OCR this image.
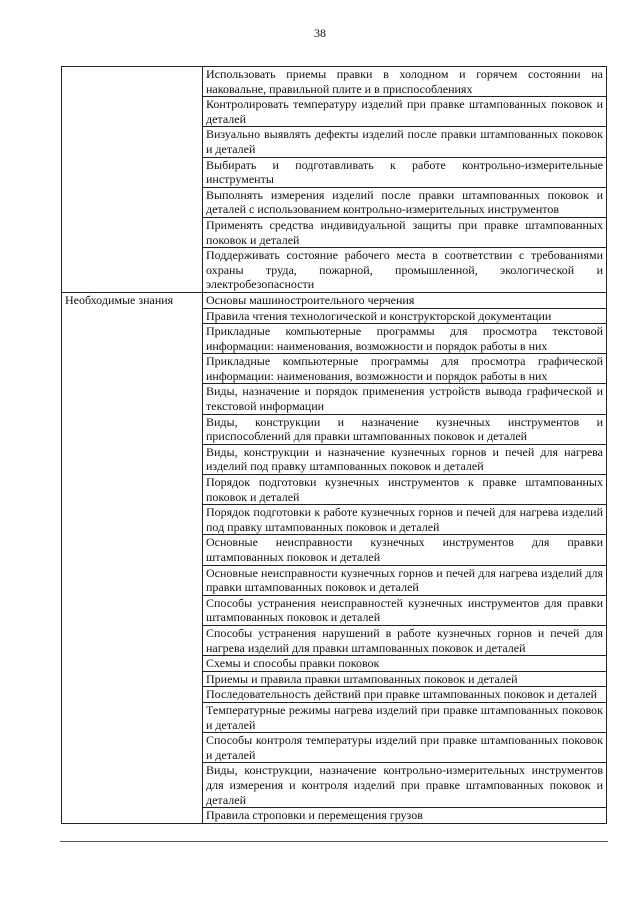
38
	Использовать приемы правки в холодном и горячем состоянии на наковальне, правильной плите и в приспособлениях
	Контролировать температуру изделий при правке штампованных поковок и деталей
	Визуально выявлять дефекты изделий после правки штампованных поковок и деталей
	Выбирать и подготавливать к работе контрольно-измерительные инструменты
	Выполнять измерения изделий после правки штампованных поковок и деталей с использованием контрольно-измерительных инструментов
	Применять средства индивидуальной защиты при правке штампованных поковок и деталей
	Поддерживать состояние рабочего места в соответствии с требованиями охраны труда, пожарной, промышленной, экологической и электробезопасности
Необходимые знания	Основы машиностроительного черчения
	Правила чтения технологической и конструкторской документации
	Прикладные компьютерные программы для просмотра текстовой информации: наименования, возможности и порядок работы в них
	Прикладные компьютерные программы для просмотра графической информации: наименования, возможности и порядок работы в них
	Виды, назначение и порядок применения устройств вывода графической и текстовой информации
	Виды, конструкции и назначение кузнечных инструментов и приспособлений для правки штампованных поковок и деталей
	Виды, конструкции и назначение кузнечных горнов и печей для нагрева изделий под правку штампованных поковок и деталей
	Порядок подготовки кузнечных инструментов к правке штампованных поковок и деталей
	Порядок подготовки к работе кузнечных горнов и печей для нагрева изделий под правку штампованных поковок и деталей
	Основные неисправности кузнечных инструментов для правки штампованных поковок и деталей
	Основные неисправности кузнечных горнов и печей для нагрева изделий для правки штампованных поковок и деталей
	Способы устранения неисправностей кузнечных инструментов для правки штампованных поковок и деталей
	Способы устранения нарушений в работе кузнечных горнов и печей для нагрева изделий для правки штампованных поковок и деталей
	Схемы и способы правки поковок
	Приемы и правила правки штампованных поковок и деталей
	Последовательность действий при правке штампованных поковок и деталей
	Температурные режимы нагрева изделий при правке штампованных поковок и деталей
	Способы контроля температуры изделий при правке штампованных поковок и деталей
	Виды, конструкции, назначение контрольно-измерительных инструментов для измерения и контроля изделий при правке штампованных поковок и деталей
	Правила строповки и перемещения грузов
